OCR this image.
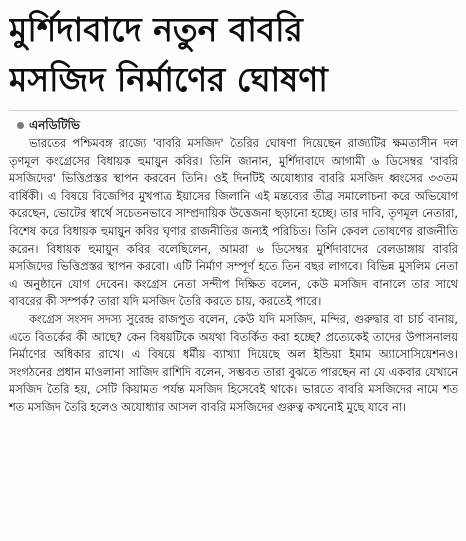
মুর্শিদাবাদে নতুন বাবরি
মসজিদ নির্মাণের ঘোষণা
এনডিটিভি

ভারতের পশ্চিমবঙ্গ রাজ্যে 'বাবরি মসজিদ' তৈরির ঘোষণা দিয়েছেন রাজ্যটির ক্ষমতাসীন দল তৃণমূল কংগ্রেসের বিধায়ক হুমায়ুন কবির। তিনি জানান, মুর্শিদাবাদে আগামী ৬ ডিসেম্বর 'বাবরি মসজিদের' ভিত্তিপ্রস্তর স্থাপন করবেন তিনি। ওই দিনটিই অযোধ্যার বাবরি মসজিদ ধ্বংসের ৩৩তম বার্ষিকী। এ বিষয়ে বিজেপির মুখপাত্র ইয়াসের জিলানি এই মন্তব্যের তীব্র সমালোচনা করে অভিযোগ করেছেন, ভোটের স্বার্থে সচেতনভাবে সাম্প্রদায়িক উত্তেজনা ছড়ানো হচ্ছে। তার দাবি, তৃণমূল নেতারা, বিশেষ করে বিধায়ক হুমায়ুন কবির ঘৃণার রাজনীতির জন্যই পরিচিত। তিনি কেবল তোষণের রাজনীতি করেন। বিধায়ক হুমায়ুন কবির বলেছিলেন, আমরা ৬ ডিসেম্বর মুর্শিদাবাদের বেলডাঙ্গায় বাবরি মসজিদের ভিত্তিপ্রস্তর স্থাপন করবো। এটি নির্মাণ সম্পূর্ণ হতে তিন বছর লাগবে। বিভিন্ন মুসলিম নেতা এ অনুষ্ঠানে যোগ দেবেন। কংগ্রেস নেতা সন্দীপ দিক্ষিত বলেন, কেউ মসজিদ বানালে তার সাথে বাবরের কী সম্পর্ক? তারা যদি মসজিদ তৈরি করতে চায়, করতেই পারে।

কংগ্রেস সংসদ সদস্য সুরেন্দ্র রাজপুত বলেন, কেউ যদি মসজিদ, মন্দির, গুরুদ্বার বা চার্চ বানায়, এতে বিতর্কের কী আছে? কেন বিষয়টিকে অযথা বিতর্কিত করা হচ্ছে? প্রত্যেকেই তাদের উপাসনালয় নির্মাণের অধিকার রাখে। এ বিষয়ে ধর্মীয় ব্যাখ্যা দিয়েছে অল ইন্ডিয়া ইমাম অ্যাসোসিয়েশনও। সংগঠনের প্রধান মাওলানা সাজিদ রাশিদি বলেন, সম্ভবত তারা বুঝতে পারছেন না যে একবার যেখানে মসজিদ তৈরি হয়, সেটি কিয়ামত পর্যন্ত মসজিদ হিসেবেই থাকে। ভারতে বাবরি মসজিদের নামে শত শত মসজিদ তৈরি হলেও অযোধ্যার আসল বাবরি মসজিদের গুরুত্ব কখনোই মুছে যাবে না।
